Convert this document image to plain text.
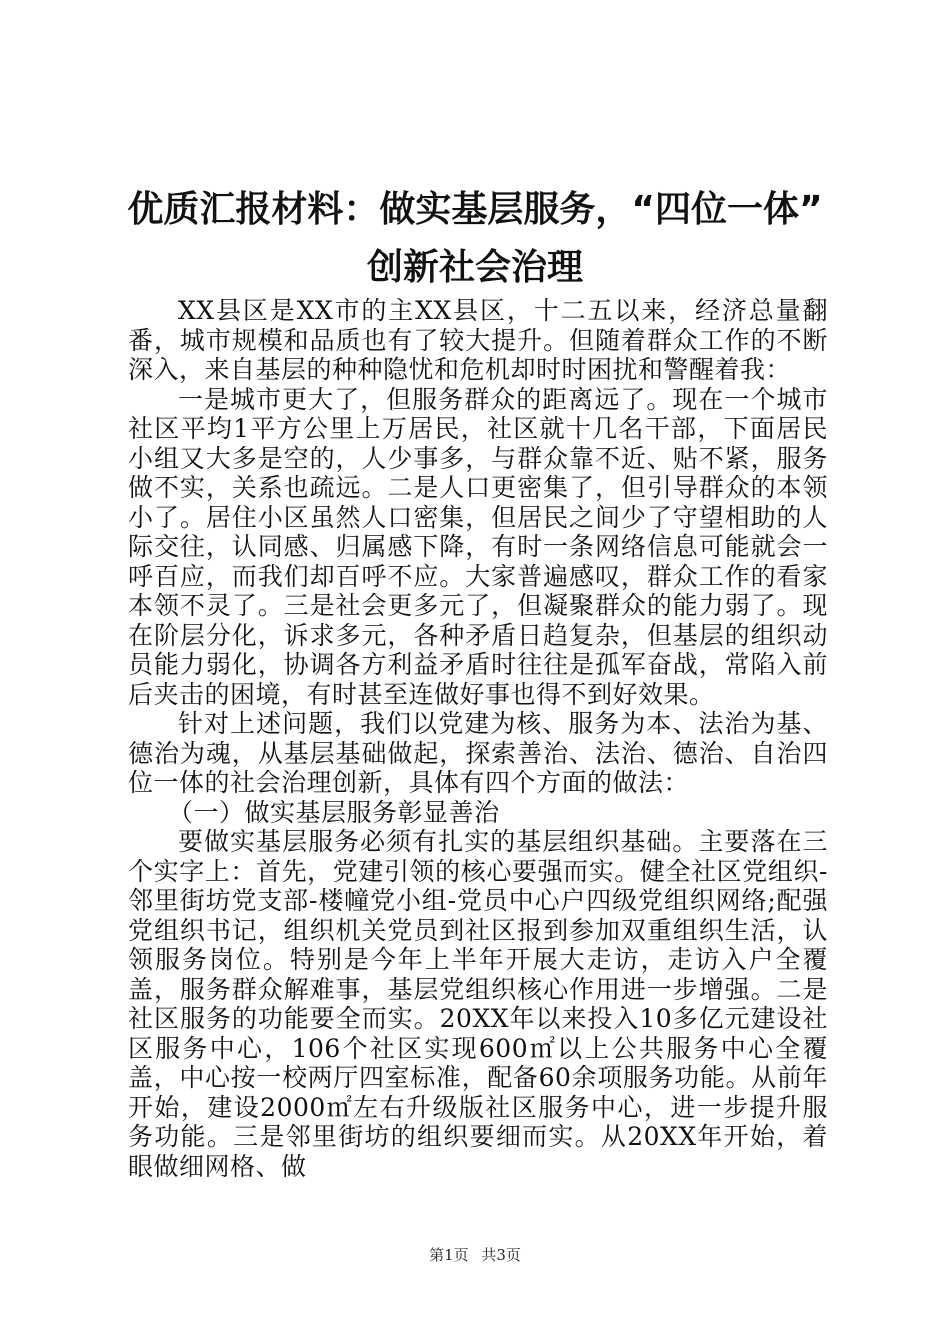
优质汇报材料：做实基层服务，“四位一体”
创新社会治理

XX县区是XX市的主XX县区，十二五以来，经济总量翻番，城市规模和品质也有了较大提升。但随着群众工作的不断深入，来自基层的种种隐忧和危机却时时困扰和警醒着我：

一是城市更大了，但服务群众的距离远了。现在一个城市社区平均1平方公里上万居民，社区就十几名干部，下面居民小组又大多是空的，人少事多，与群众靠不近、贴不紧，服务做不实，关系也疏远。二是人口更密集了，但引导群众的本领小了。居住小区虽然人口密集，但居民之间少了守望相助的人际交往，认同感、归属感下降，有时一条网络信息可能就会一呼百应，而我们却百呼不应。大家普遍感叹，群众工作的看家本领不灵了。三是社会更多元了，但凝聚群众的能力弱了。现在阶层分化，诉求多元，各种矛盾日趋复杂，但基层的组织动员能力弱化，协调各方利益矛盾时往往是孤军奋战，常陷入前后夹击的困境，有时甚至连做好事也得不到好效果。

针对上述问题，我们以党建为核、服务为本、法治为基、德治为魂，从基层基础做起，探索善治、法治、德治、自治四位一体的社会治理创新，具体有四个方面的做法：

（一）做实基层服务彰显善治

要做实基层服务必须有扎实的基层组织基础。主要落在三个实字上：首先，党建引领的核心要强而实。健全社区党组织-邻里街坊党支部-楼幢党小组-党员中心户四级党组织网络;配强党组织书记，组织机关党员到社区报到参加双重组织生活，认领服务岗位。特别是今年上半年开展大走访，走访入户全覆盖，服务群众解难事，基层党组织核心作用进一步增强。二是社区服务的功能要全而实。20XX年以来投入10多亿元建设社区服务中心，106个社区实现600㎡以上公共服务中心全覆盖，中心按一校两厅四室标准，配备60余项服务功能。从前年开始，建设2000㎡左右升级版社区服务中心，进一步提升服务功能。三是邻里街坊的组织要细而实。从20XX年开始，着眼做细网格、做

第1页 共3页
